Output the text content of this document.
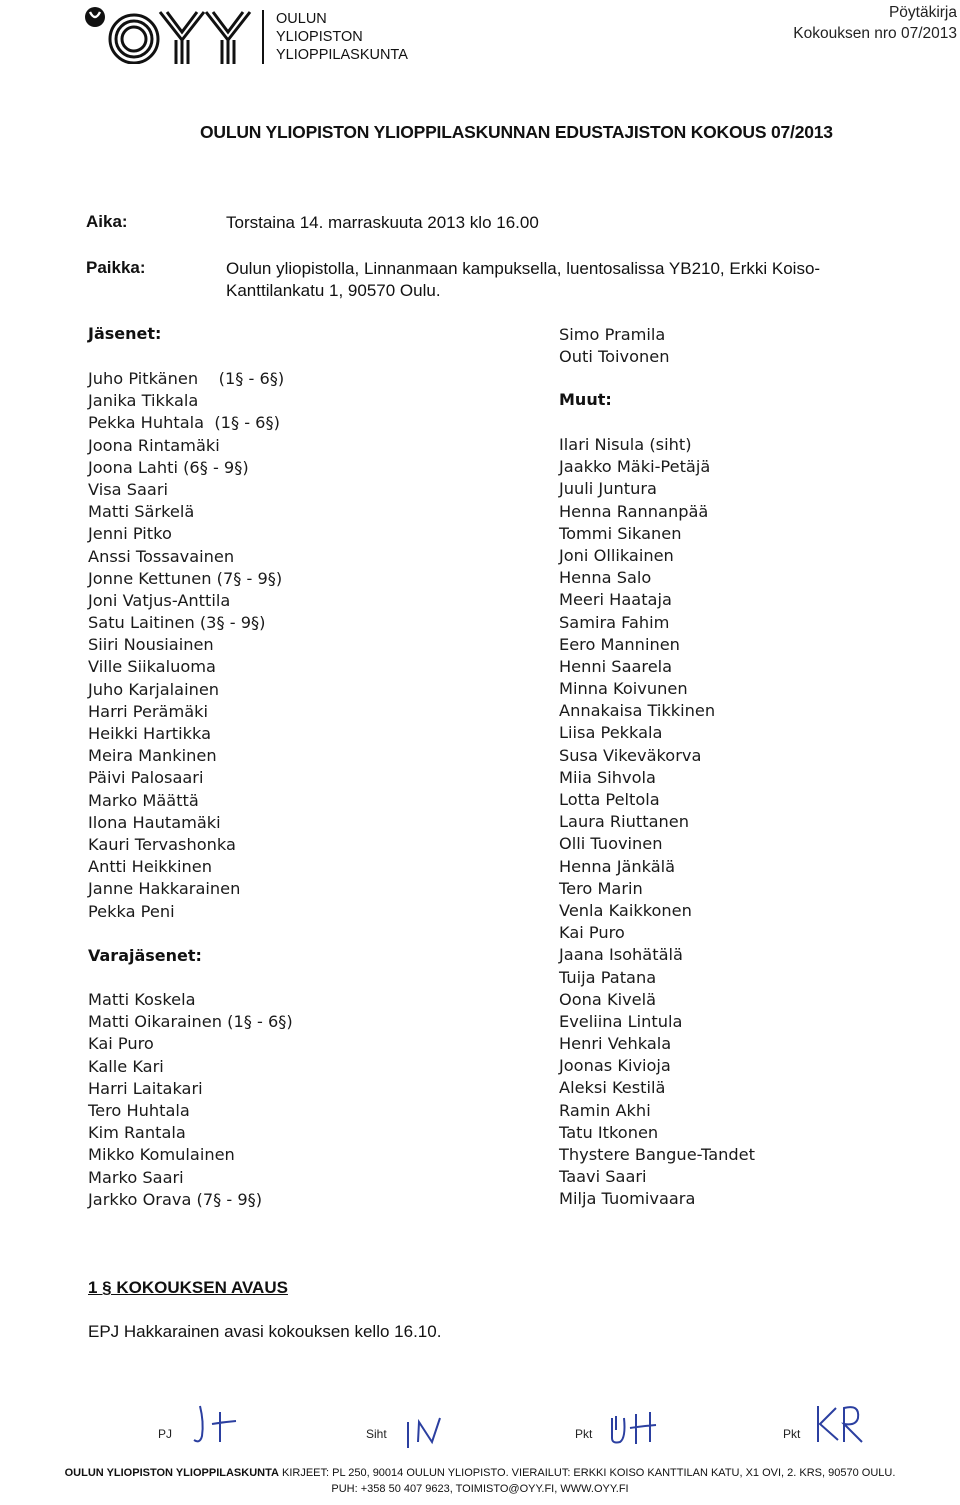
OULUN
YLIOPISTON
YLIOPPILASKUNTA
Pöytäkirja
Kokouksen nro 07/2013
OULUN YLIOPISTON YLIOPPILASKUNNAN EDUSTAJISTON KOKOUS 07/2013
Aika:	Torstaina 14. marraskuuta 2013 klo 16.00
Paikka:	Oulun yliopistolla, Linnanmaan kampuksella, luentosalissa YB210, Erkki Koiso-
Kanttilankatu 1, 90570 Oulu.
Jäsenet:
Juho Pitkänen    (1§ - 6§)
Janika Tikkala
Pekka Huhtala  (1§ - 6§)
Joona Rintamäki
Joona Lahti (6§ - 9§)
Visa Saari
Matti Särkelä
Jenni Pitko
Anssi Tossavainen
Jonne Kettunen (7§ - 9§)
Joni Vatjus-Anttila
Satu Laitinen (3§ - 9§)
Siiri Nousiainen
Ville Siikaluoma
Juho Karjalainen
Harri Perämäki
Heikki Hartikka
Meira Mankinen
Päivi Palosaari
Marko Määttä
Ilona Hautamäki
Kauri Tervashonka
Antti Heikkinen
Janne Hakkarainen
Pekka Peni
Varajäsenet:
Matti Koskela
Matti Oikarainen (1§ - 6§)
Kai Puro
Kalle Kari
Harri Laitakari
Tero Huhtala
Kim Rantala
Mikko Komulainen
Marko Saari
Jarkko Orava (7§ - 9§)
Simo Pramila
Outi Toivonen
Muut:
Ilari Nisula (siht)
Jaakko Mäki-Petäjä
Juuli Juntura
Henna Rannanpää
Tommi Sikanen
Joni Ollikainen
Henna Salo
Meeri Haataja
Samira Fahim
Eero Manninen
Henni Saarela
Minna Koivunen
Annakaisa Tikkinen
Liisa Pekkala
Susa Vikeväkorva
Miia Sihvola
Lotta Peltola
Laura Riuttanen
Olli Tuovinen
Henna Jänkälä
Tero Marin
Venla Kaikkonen
Kai Puro
Jaana Isohätälä
Tuija Patana
Oona Kivelä
Eveliina Lintula
Henri Vehkala
Joonas Kivioja
Aleksi Kestilä
Ramin Akhi
Tatu Itkonen
Thystere Bangue-Tandet
Taavi Saari
Milja Tuomivaara
1 § KOKOUKSEN AVAUS
EPJ Hakkarainen avasi kokouksen kello 16.10.
PJ	Siht	Pkt	Pkt
OULUN YLIOPISTON YLIOPPILASKUNTA KIRJEET: PL 250, 90014 OULUN YLIOPISTO. VIERAILUT: ERKKI KOISO KANTTILAN KATU, X1 OVI, 2. KRS, 90570 OULU.
PUH: +358 50 407 9623, TOIMISTO@OYY.FI, WWW.OYY.FI
